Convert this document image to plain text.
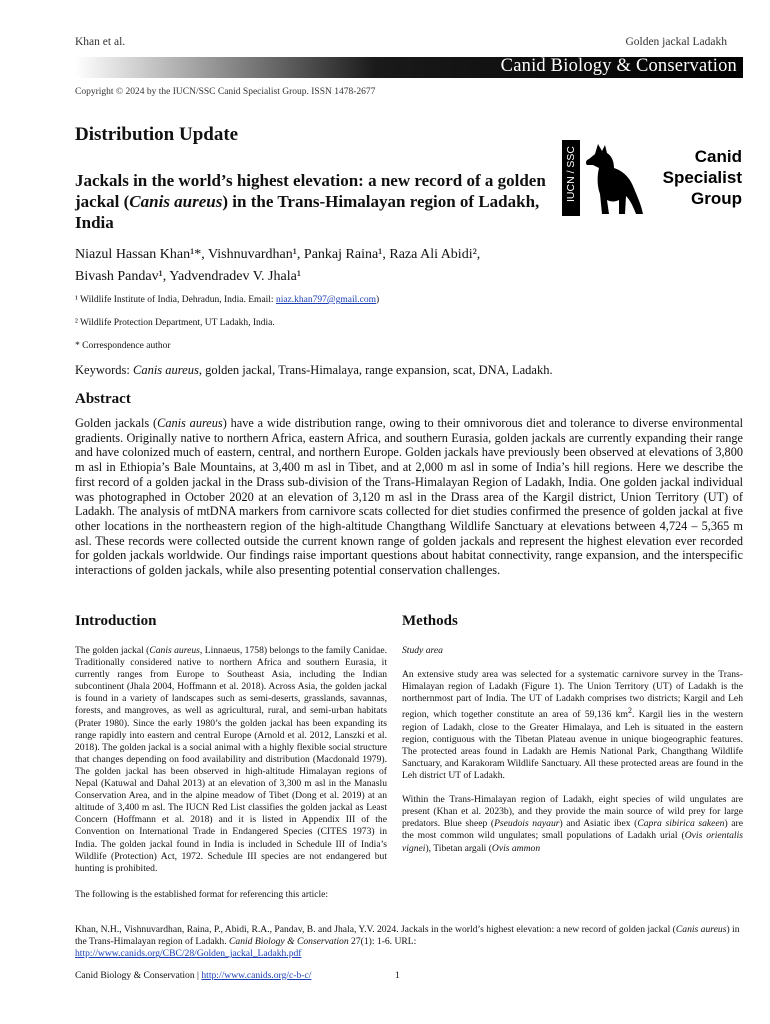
Khan et al.	Golden jackal Ladakh
Canid Biology & Conservation
Copyright © 2024 by the IUCN/SSC Canid Specialist Group. ISSN 1478-2677
Distribution Update
Jackals in the world’s highest elevation: a new record of a golden jackal (Canis aureus) in the Trans-Himalayan region of Ladakh, India
IUCN / SSC	Canid
Specialist
Group
Niazul Hassan Khan¹*, Vishnuvardhan¹, Pankaj Raina¹, Raza Ali Abidi²,
Bivash Pandav¹, Yadvendradev V. Jhala¹
¹ Wildlife Institute of India, Dehradun, India. Email: niaz.khan797@gmail.com)
² Wildlife Protection Department, UT Ladakh, India.
* Correspondence author
Keywords: Canis aureus, golden jackal, Trans-Himalaya, range expansion, scat, DNA, Ladakh.
Abstract
Golden jackals (Canis aureus) have a wide distribution range, owing to their omnivorous diet and tolerance to diverse environmental gradients. Originally native to northern Africa, eastern Africa, and southern Eurasia, golden jackals are currently expanding their range and have colonized much of eastern, central, and northern Europe. Golden jackals have previously been observed at elevations of 3,800 m asl in Ethiopia’s Bale Mountains, at 3,400 m asl in Tibet, and at 2,000 m asl in some of India’s hill regions. Here we describe the first record of a golden jackal in the Drass sub-division of the Trans-Himalayan Region of Ladakh, India. One golden jackal individual was photographed in October 2020 at an elevation of 3,120 m asl in the Drass area of the Kargil district, Union Territory (UT) of Ladakh. The analysis of mtDNA markers from carnivore scats collected for diet studies confirmed the presence of golden jackal at five other locations in the northeastern region of the high-altitude Changthang Wildlife Sanctuary at elevations between 4,724 – 5,365 m asl. These records were collected outside the current known range of golden jackals and represent the highest elevation ever recorded for golden jackals worldwide. Our findings raise important questions about habitat connectivity, range expansion, and the interspecific interactions of golden jackals, while also presenting potential conservation challenges.
Introduction
The golden jackal (Canis aureus, Linnaeus, 1758) belongs to the family Canidae. Traditionally considered native to northern Africa and southern Eurasia, it currently ranges from Europe to Southeast Asia, including the Indian subcontinent (Jhala 2004, Hoffmann et al. 2018). Across Asia, the golden jackal is found in a variety of landscapes such as semi-deserts, grasslands, savannas, forests, and mangroves, as well as agricultural, rural, and semi-urban habitats (Prater 1980). Since the early 1980’s the golden jackal has been expanding its range rapidly into eastern and central Europe (Arnold et al. 2012, Lanszki et al. 2018). The golden jackal is a social animal with a highly flexible social structure that changes depending on food availability and distribution (Macdonald 1979). The golden jackal has been observed in high-altitude Himalayan regions of Nepal (Katuwal and Dahal 2013) at an elevation of 3,300 m asl in the Manaslu Conservation Area, and in the alpine meadow of Tibet (Dong et al. 2019) at an altitude of 3,400 m asl. The IUCN Red List classifies the golden jackal as Least Concern (Hoffmann et al. 2018) and it is listed in Appendix III of the Convention on International Trade in Endangered Species (CITES 1973) in India. The golden jackal found in India is included in Schedule III of India’s Wildlife (Protection) Act, 1972. Schedule III species are not endangered but hunting is prohibited.
Methods

Study area

An extensive study area was selected for a systematic carnivore survey in the Trans-Himalayan region of Ladakh (Figure 1). The Union Territory (UT) of Ladakh is the northernmost part of India. The UT of Ladakh comprises two districts; Kargil and Leh region, which together constitute an area of 59,136 $km^2$. Kargil lies in the western region of Ladakh, close to the Greater Himalaya, and Leh is situated in the eastern region, contiguous with the Tibetan Plateau avenue in unique biogeographic features. The protected areas found in Ladakh are Hemis National Park, Changthang Wildlife Sanctuary, and Karakoram Wildlife Sanctuary. All these protected areas are found in the Leh district UT of Ladakh.

Within the Trans-Himalayan region of Ladakh, eight species of wild ungulates are present (Khan et al. 2023b), and they provide the main source of wild prey for large predators. Blue sheep (Pseudois nayaur) and Asiatic ibex (Capra sibirica sakeen) are the most common wild ungulates; small populations of Ladakh urial (Ovis orientalis vignei), Tibetan argali (Ovis ammon

The following is the established format for referencing this article:
Khan, N.H., Vishnuvardhan, Raina, P., Abidi, R.A., Pandav, B. and Jhala, Y.V. 2024. Jackals in the world’s highest elevation: a new record of golden jackal (Canis aureus) in the Trans-Himalayan region of Ladakh. Canid Biology & Conservation 27(1): 1-6. URL:
http://www.canids.org/CBC/28/Golden_jackal_Ladakh.pdf
Canid Biology & Conservation | http://www.canids.org/c-b-c/	1
